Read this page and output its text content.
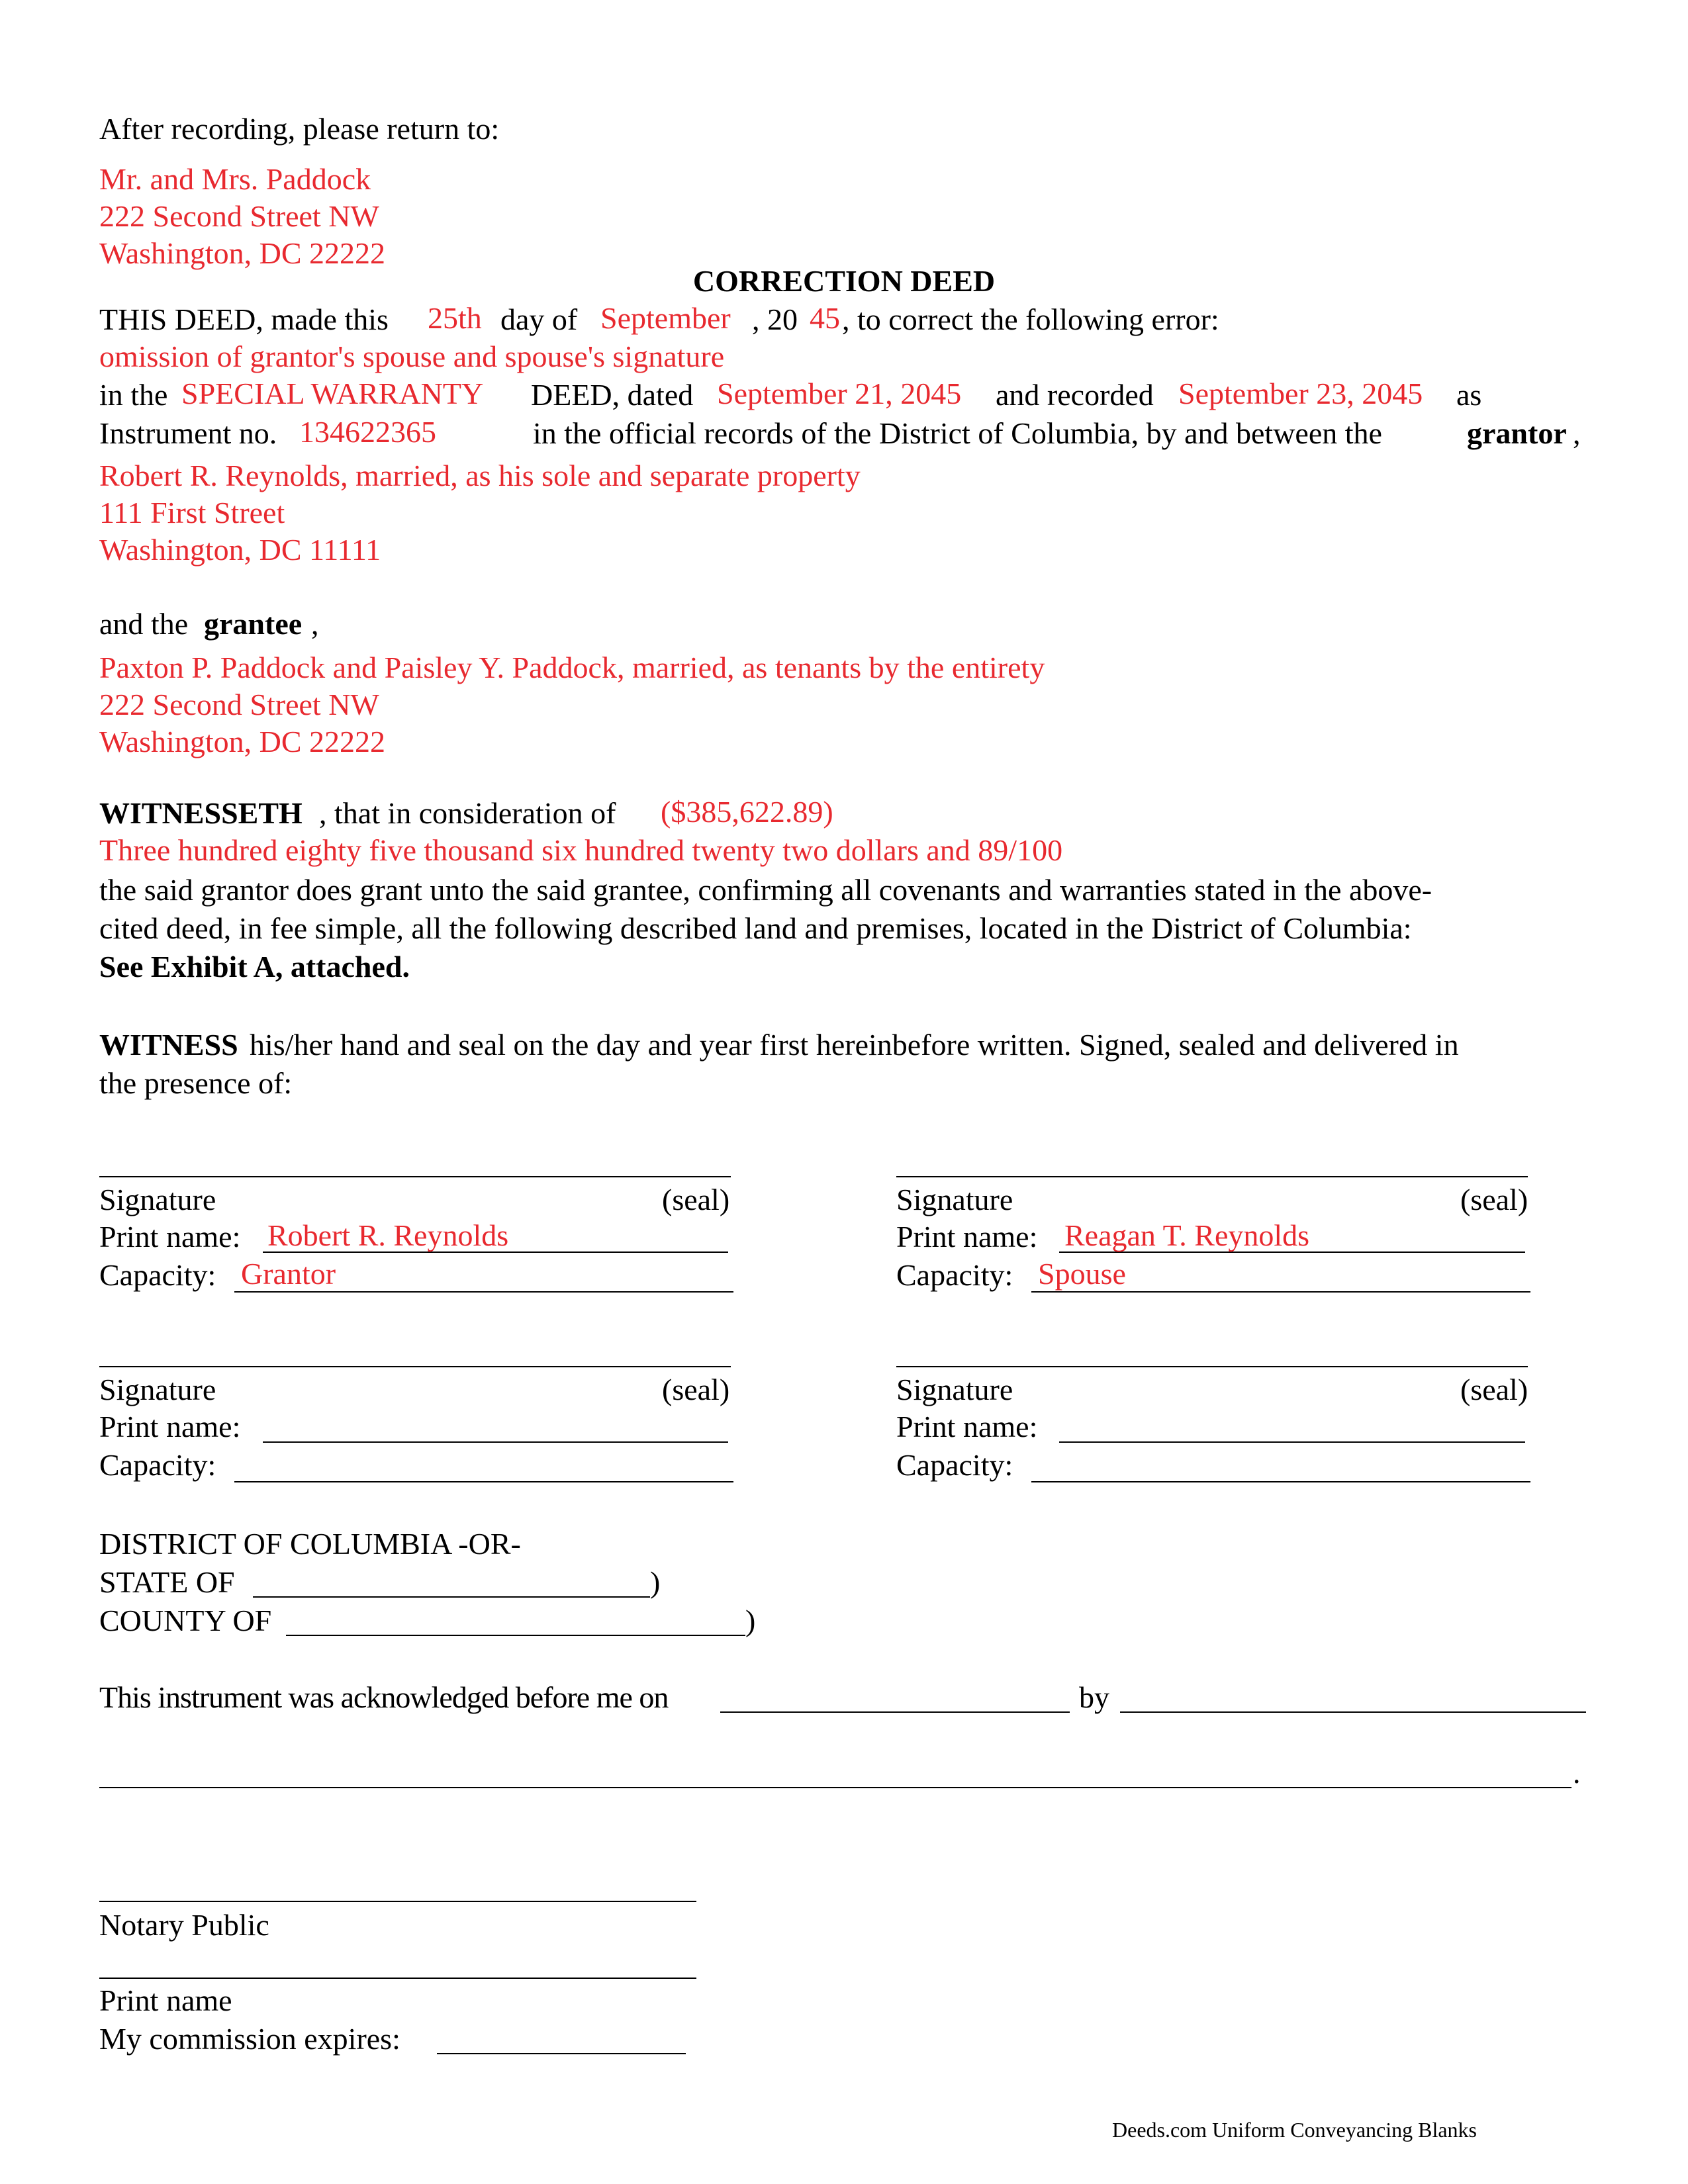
After recording, please return to:
Mr. and Mrs. Paddock
222 Second Street NW
Washington, DC 22222
CORRECTION DEED
THIS DEED, made this 25th day of September , 20 45 , to correct the following error:
omission of grantor's spouse and spouse's signature
in the SPECIAL WARRANTY DEED, dated September 21, 2045 and recorded September 23, 2045 as
Instrument no. 134622365	in the official records of the District of Columbia, by and between the	grantor ,
Robert R. Reynolds, married, as his sole and separate property
111 First Street
Washington, DC 11111
and the grantee ,
Paxton P. Paddock and Paisley Y. Paddock, married, as tenants by the entirety
222 Second Street NW
Washington, DC 22222
WITNESSETH , that in consideration of ($385,622.89)
Three hundred eighty five thousand six hundred twenty two dollars and 89/100
the said grantor does grant unto the said grantee, confirming all covenants and warranties stated in the above-
cited deed, in fee simple, all the following described land and premises, located in the District of Columbia:
See Exhibit A, attached.
WITNESS his/her hand and seal on the day and year first hereinbefore written. Signed, sealed and delivered in
the presence of:
Signature	(seal)
Print name: Robert R. Reynolds
Capacity: Grantor
Signature	(seal)
Print name: Reagan T. Reynolds
Capacity: Spouse
Signature	(seal)
Print name:
Capacity:
Signature	(seal)
Print name:
Capacity:
DISTRICT OF COLUMBIA -OR-
STATE OF	)
COUNTY OF	)
This instrument was acknowledged before me on	by
.
Notary Public
Print name
My commission expires:
Deeds.com Uniform Conveyancing Blanks
